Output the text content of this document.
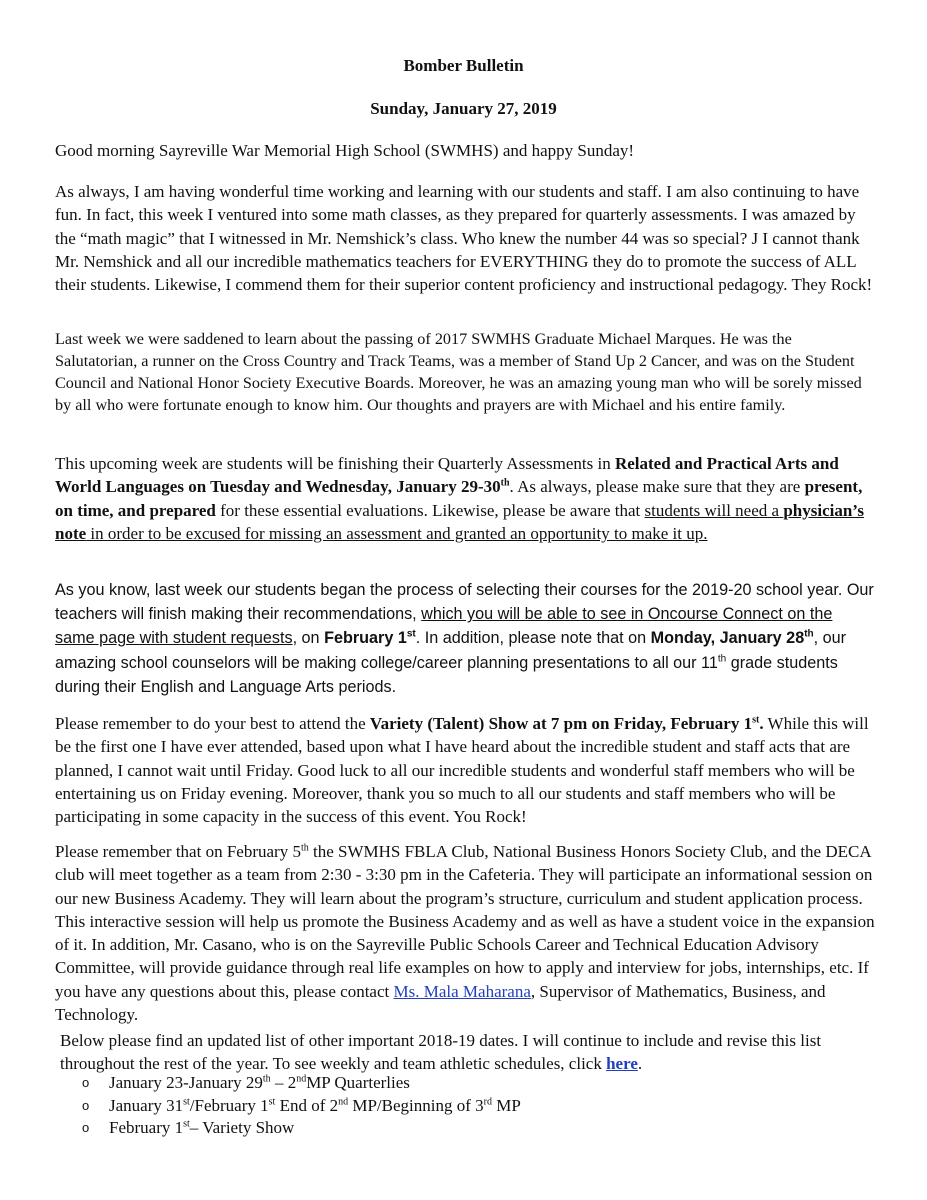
Bomber Bulletin
Sunday, January 27, 2019

Good morning Sayreville War Memorial High School (SWMHS) and happy Sunday!

As always, I am having wonderful time working and learning with our students and staff. I am also continuing to have fun. In fact, this week I ventured into some math classes, as they prepared for quarterly assessments. I was amazed by the “math magic” that I witnessed in Mr. Nemshick’s class. Who knew the number 44 was so special? J I cannot thank Mr. Nemshick and all our incredible mathematics teachers for EVERYTHING they do to promote the success of ALL their students. Likewise, I commend them for their superior content proficiency and instructional pedagogy. They Rock!

Last week we were saddened to learn about the passing of 2017 SWMHS Graduate Michael Marques. He was the Salutatorian, a runner on the Cross Country and Track Teams, was a member of Stand Up 2 Cancer, and was on the Student Council and National Honor Society Executive Boards. Moreover, he was an amazing young man who will be sorely missed by all who were fortunate enough to know him. Our thoughts and prayers are with Michael and his entire family.

This upcoming week are students will be finishing their Quarterly Assessments in Related and Practical Arts and World Languages on Tuesday and Wednesday, January 29-30th. As always, please make sure that they are present, on time, and prepared for these essential evaluations. Likewise, please be aware that students will need a physician’s note in order to be excused for missing an assessment and granted an opportunity to make it up.

As you know, last week our students began the process of selecting their courses for the 2019-20 school year. Our teachers will finish making their recommendations, which you will be able to see in Oncourse Connect on the same page with student requests, on February 1st. In addition, please note that on Monday, January 28th, our amazing school counselors will be making college/career planning presentations to all our 11th grade students during their English and Language Arts periods.

Please remember to do your best to attend the Variety (Talent) Show at 7 pm on Friday, February 1st. While this will be the first one I have ever attended, based upon what I have heard about the incredible student and staff acts that are planned, I cannot wait until Friday. Good luck to all our incredible students and wonderful staff members who will be entertaining us on Friday evening. Moreover, thank you so much to all our students and staff members who will be participating in some capacity in the success of this event. You Rock!

Please remember that on February 5th the SWMHS FBLA Club, National Business Honors Society Club, and the DECA club will meet together as a team from 2:30 - 3:30 pm in the Cafeteria. They will participate an informational session on our new Business Academy. They will learn about the program’s structure, curriculum and student application process. This interactive session will help us promote the Business Academy and as well as have a student voice in the expansion of it. In addition, Mr. Casano, who is on the Sayreville Public Schools Career and Technical Education Advisory Committee, will provide guidance through real life examples on how to apply and interview for jobs, internships, etc. If you have any questions about this, please contact Ms. Mala Maharana, Supervisor of Mathematics, Business, and Technology.

Below please find an updated list of other important 2018-19 dates. I will continue to include and revise this list throughout the rest of the year. To see weekly and team athletic schedules, click here.

o January 23-January 29th – 2ndMP Quarterlies
o January 31st/February 1st End of 2nd MP/Beginning of 3rd MP
o February 1st– Variety Show
